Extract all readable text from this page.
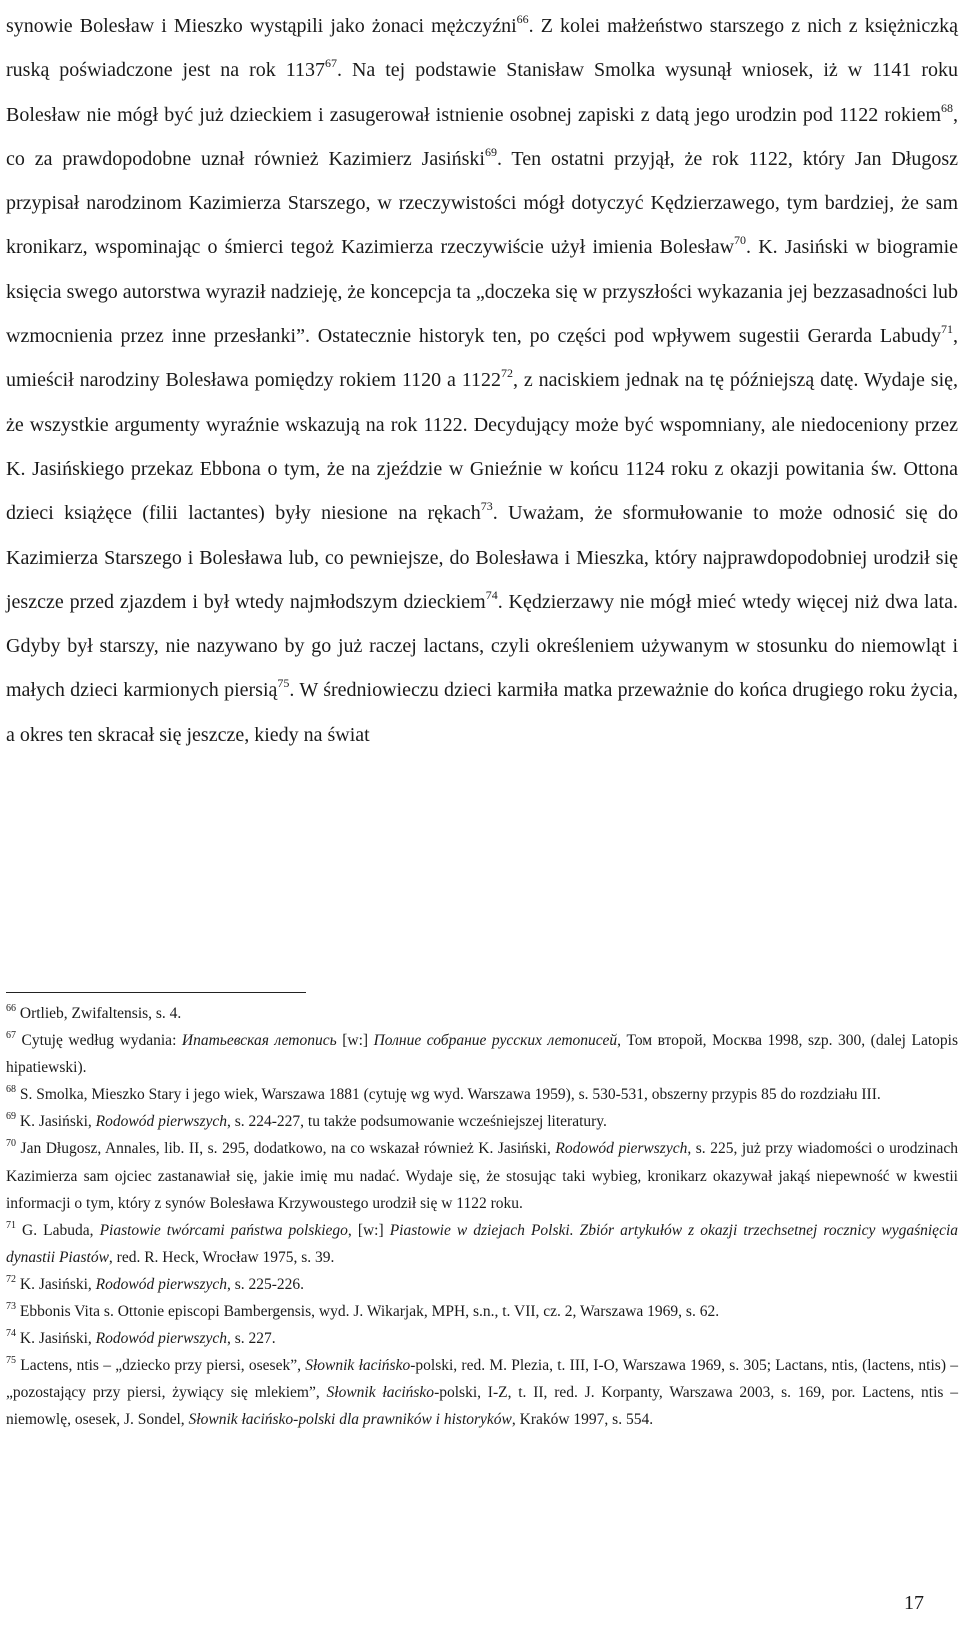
synowie Bolesław i Mieszko wystąpili jako żonaci mężczyźni$^{66}$. Z kolei małżeństwo starszego z nich z księżniczką ruską poświadczone jest na rok 1137$^{67}$. Na tej podstawie Stanisław Smolka wysunął wniosek, iż w 1141 roku Bolesław nie mógł być już dzieckiem i zasugerował istnienie osobnej zapiski z datą jego urodzin pod 1122 rokiem$^{68}$, co za prawdopodobne uznał również Kazimierz Jasiński$^{69}$. Ten ostatni przyjął, że rok 1122, który Jan Długosz przypisał narodzinom Kazimierza Starszego, w rzeczywistości mógł dotyczyć Kędzierzawego, tym bardziej, że sam kronikarz, wspominając o śmierci tegoż Kazimierza rzeczywiście użył imienia Bolesław$^{70}$. K. Jasiński w biogramie księcia swego autorstwa wyraził nadzieję, że koncepcja ta „doczeka się w przyszłości wykazania jej bezzasadności lub wzmocnienia przez inne przesłanki”. Ostatecznie historyk ten, po części pod wpływem sugestii Gerarda Labudy$^{71}$, umieścił narodziny Bolesława pomiędzy rokiem 1120 a 1122$^{72}$, z naciskiem jednak na tę późniejszą datę. Wydaje się, że wszystkie argumenty wyraźnie wskazują na rok 1122. Decydujący może być wspomniany, ale niedoceniony przez K. Jasińskiego przekaz Ebbona o tym, że na zjeździe w Gnieźnie w końcu 1124 roku z okazji powitania św. Ottona dzieci książęce (filii lactantes) były niesione na rękach$^{73}$. Uważam, że sformułowanie to może odnosić się do Kazimierza Starszego i Bolesława lub, co pewniejsze, do Bolesława i Mieszka, który najprawdopodobniej urodził się jeszcze przed zjazdem i był wtedy najmłodszym dzieckiem$^{74}$. Kędzierzawy nie mógł mieć wtedy więcej niż dwa lata. Gdyby był starszy, nie nazywano by go już raczej lactans, czyli określeniem używanym w stosunku do niemowląt i małych dzieci karmionych piersią$^{75}$. W średniowieczu dzieci karmiła matka przeważnie do końca drugiego roku życia, a okres ten skracał się jeszcze, kiedy na świat

$^{66}$ Ortlieb, Zwifaltensis, s. 4.

$^{67}$ Cytuję według wydania: Ипатьевская летопись [w:] Полние собрание русских летописей, Том второй, Москва 1998, szp. 300, (dalej Latopis hipatiewski).

$^{68}$ S. Smolka, Mieszko Stary i jego wiek, Warszawa 1881 (cytuję wg wyd. Warszawa 1959), s. 530-531, obszerny przypis 85 do rozdziału III.

$^{69}$ K. Jasiński, Rodowód pierwszych, s. 224-227, tu także podsumowanie wcześniejszej literatury.

$^{70}$ Jan Długosz, Annales, lib. II, s. 295, dodatkowo, na co wskazał również K. Jasiński, Rodowód pierwszych, s. 225, już przy wiadomości o urodzinach Kazimierza sam ojciec zastanawiał się, jakie imię mu nadać. Wydaje się, że stosując taki wybieg, kronikarz okazywał jakąś niepewność w kwestii informacji o tym, który z synów Bolesława Krzywoustego urodził się w 1122 roku.

$^{71}$ G. Labuda, Piastowie twórcami państwa polskiego, [w:] Piastowie w dziejach Polski. Zbiór artykułów z okazji trzechsetnej rocznicy wygaśnięcia dynastii Piastów, red. R. Heck, Wrocław 1975, s. 39.

$^{72}$ K. Jasiński, Rodowód pierwszych, s. 225-226.

$^{73}$ Ebbonis Vita s. Ottonie episcopi Bambergensis, wyd. J. Wikarjak, MPH, s.n., t. VII, cz. 2, Warszawa 1969, s. 62.

$^{74}$ K. Jasiński, Rodowód pierwszych, s. 227.

$^{75}$ Lactens, ntis – „dziecko przy piersi, osesek”, Słownik łacińsko-polski, red. M. Plezia, t. III, I-O, Warszawa 1969, s. 305; Lactans, ntis, (lactens, ntis) – „pozostający przy piersi, żywiący się mlekiem”, Słownik łacińsko-polski, I-Z, t. II, red. J. Korpanty, Warszawa 2003, s. 169, por. Lactens, ntis – niemowlę, osesek, J. Sondel, Słownik łacińsko-polski dla prawników i historyków, Kraków 1997, s. 554.

17
